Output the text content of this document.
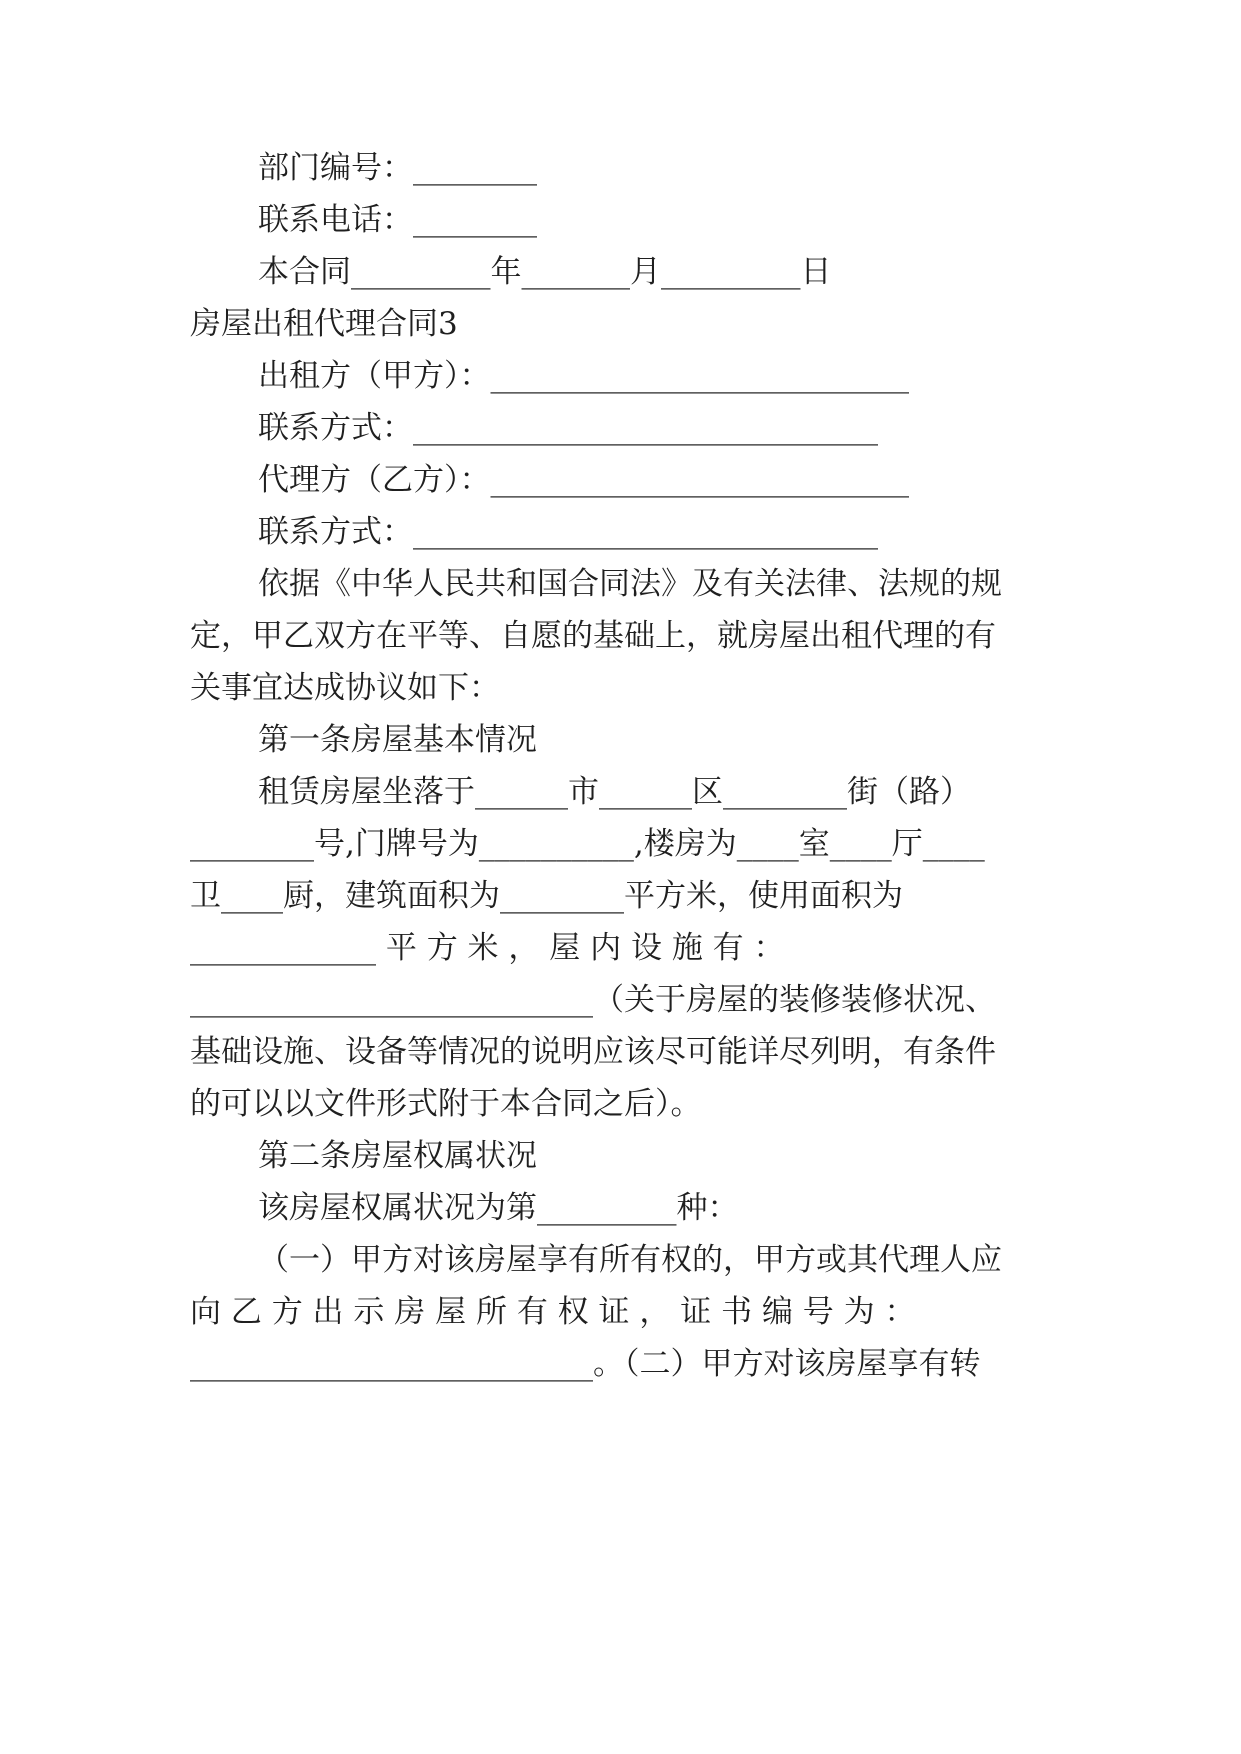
部门编号：________
联系电话：________
本合同_________年_______月_________日
房屋出租代理合同3
出租方（甲方）：___________________________
联系方式：______________________________
代理方（乙方）：___________________________
联系方式：______________________________
依据《中华人民共和国合同法》及有关法律、法规的规
定，甲乙双方在平等、自愿的基础上，就房屋出租代理的有
关事宜达成协议如下：
第一条房屋基本情况
租赁房屋坐落于______市______区________街（路）
________号,门牌号为__________,楼房为____室____厅____
卫____厨，建筑面积为________平方米，使用面积为
____________ 平 方 米 ， 屋 内 设 施 有 ：
__________________________（关于房屋的装修装修状况、
基础设施、设备等情况的说明应该尽可能详尽列明，有条件
的可以以文件形式附于本合同之后）。
第二条房屋权属状况
该房屋权属状况为第_________种：
（一）甲方对该房屋享有所有权的，甲方或其代理人应
向 乙 方 出 示 房 屋 所 有 权 证 ， 证 书 编 号 为 ：
__________________________。（二）甲方对该房屋享有转
